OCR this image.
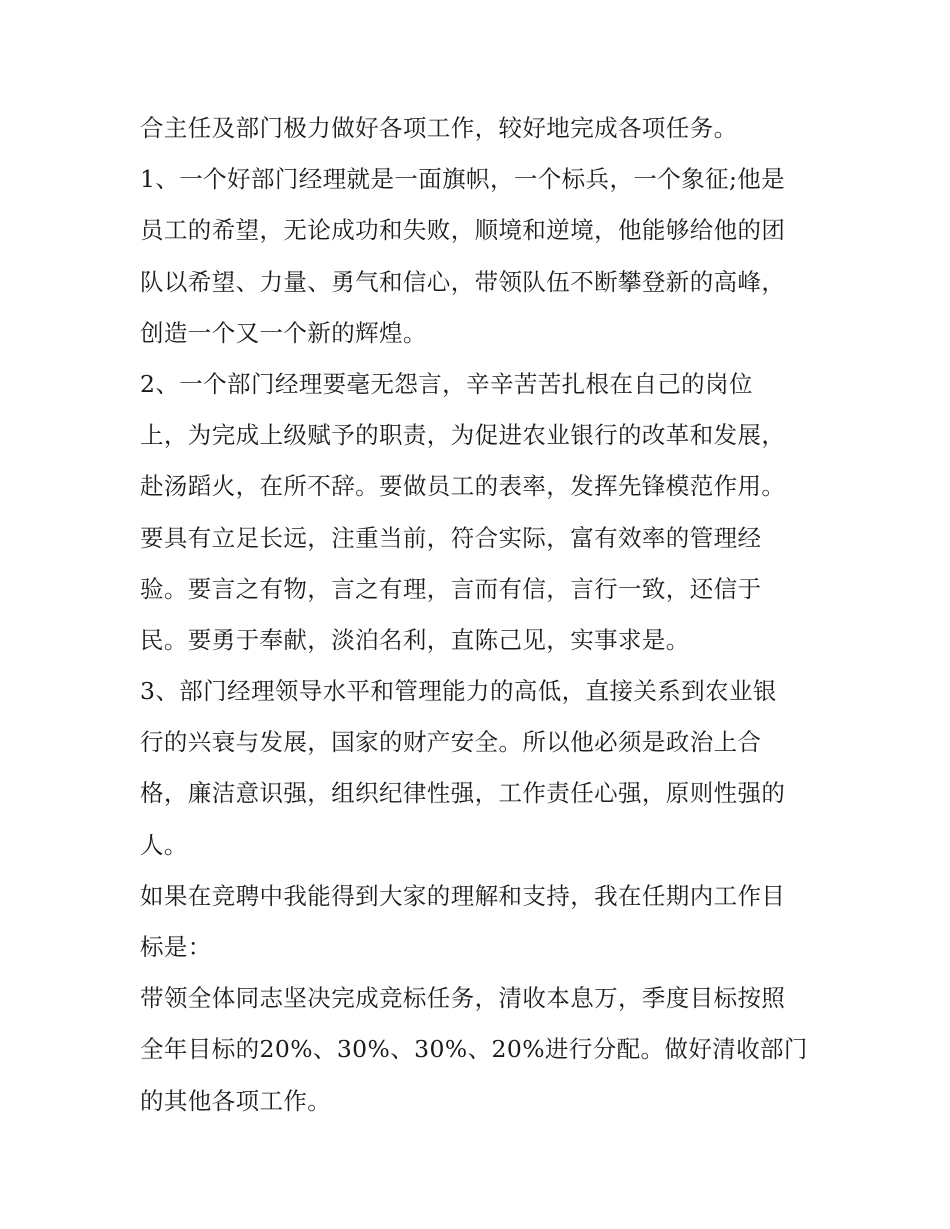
合主任及部门极力做好各项工作，较好地完成各项任务。
1、一个好部门经理就是一面旗帜，一个标兵，一个象征;他是
员工的希望，无论成功和失败，顺境和逆境，他能够给他的团
队以希望、力量、勇气和信心，带领队伍不断攀登新的高峰，
创造一个又一个新的辉煌。
2、一个部门经理要毫无怨言，辛辛苦苦扎根在自己的岗位
上，为完成上级赋予的职责，为促进农业银行的改革和发展，
赴汤蹈火，在所不辞。要做员工的表率，发挥先锋模范作用。
要具有立足长远，注重当前，符合实际，富有效率的管理经
验。要言之有物，言之有理，言而有信，言行一致，还信于
民。要勇于奉献，淡泊名利，直陈己见，实事求是。
3、部门经理领导水平和管理能力的高低，直接关系到农业银
行的兴衰与发展，国家的财产安全。所以他必须是政治上合
格，廉洁意识强，组织纪律性强，工作责任心强，原则性强的
人。
如果在竞聘中我能得到大家的理解和支持，我在任期内工作目
标是：
带领全体同志坚决完成竞标任务，清收本息万，季度目标按照
全年目标的20%、30%、30%、20%进行分配。做好清收部门
的其他各项工作。
